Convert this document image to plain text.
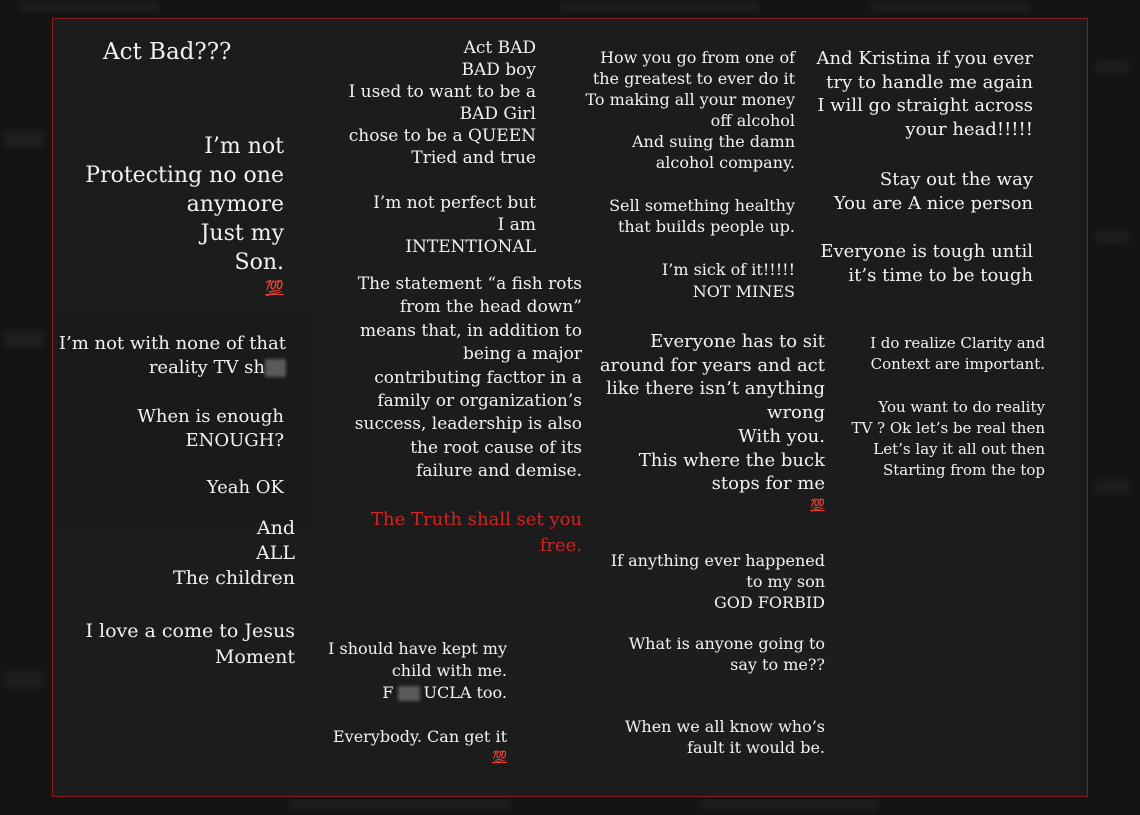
Act Bad???
I’m not
Protecting no one
anymore
Just my
Son.
💯
I’m not with none of that
reality TV sh
When is enough
ENOUGH?
Yeah OK
And
ALL
The children
I love a come to Jesus
Moment
Act BAD
BAD boy
I used to want to be a
BAD Girl
chose to be a QUEEN
Tried and true
I’m not perfect but
I am
INTENTIONAL
The statement “a fish rots
from the head down”
means that, in addition to
being a major
contributing facttor in a
family or organization’s
success, leadership is also
the root cause of its
failure and demise.
The Truth shall set you
free.
I should have kept my
child with me.
F UCLA too.
Everybody. Can get it
💯
How you go from one of
the greatest to ever do it
To making all your money
off alcohol
And suing the damn
alcohol company.
Sell something healthy
that builds people up.
I’m sick of it!!!!!
NOT MINES
Everyone has to sit
around for years and act
like there isn’t anything
wrong
With you.
This where the buck
stops for me
💯
If anything ever happened
to my son
GOD FORBID
What is anyone going to
say to me??
When we all know who’s
fault it would be.
And Kristina if you ever
try to handle me again
I will go straight across
your head!!!!!
Stay out the way
You are A nice person
Everyone is tough until
it’s time to be tough
I do realize Clarity and
Context are important.
You want to do reality
TV ? Ok let’s be real then
Let’s lay it all out then
Starting from the top
